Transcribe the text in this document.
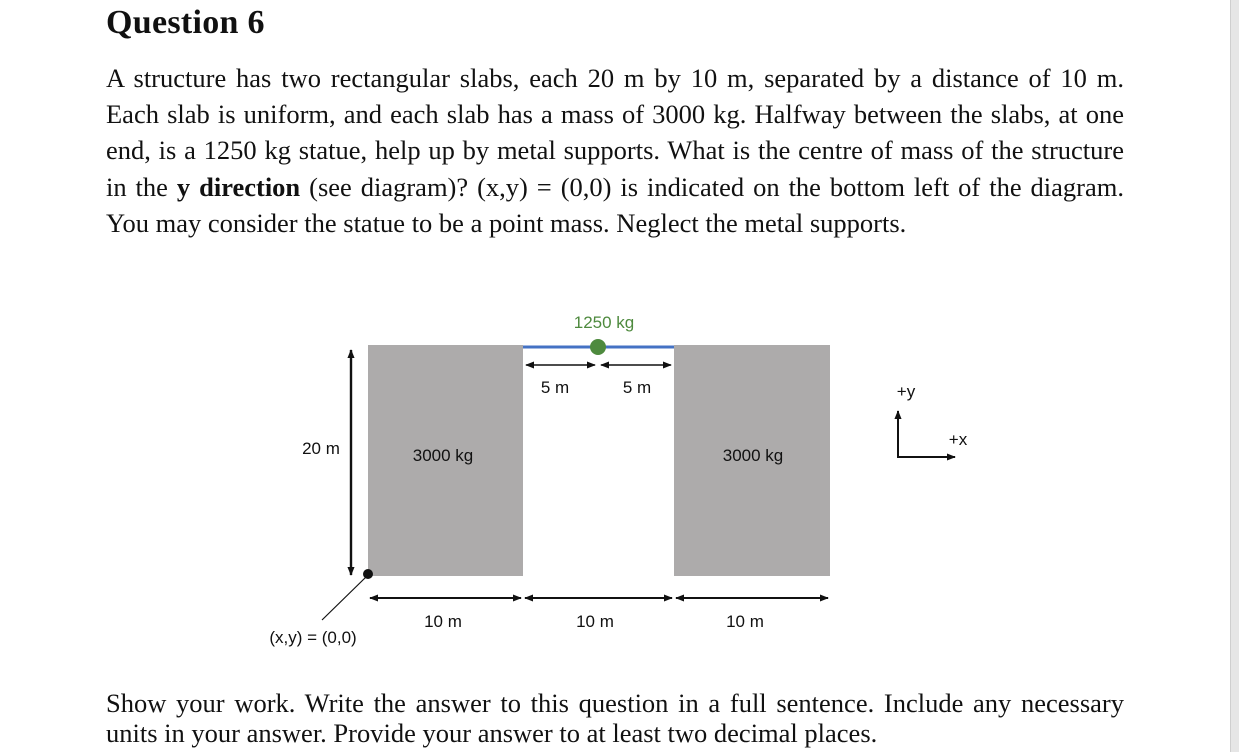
Question 6

A structure has two rectangular slabs, each 20 m by 10 m, separated by a distance of 10 m. Each slab is uniform, and each slab has a mass of 3000 kg. Halfway between the slabs, at one end, is a 1250 kg statue, help up by metal supports. What is the centre of mass of the structure in the y direction (see diagram)? (x,y) = (0,0) is indicated on the bottom left of the diagram. You may consider the statue to be a point mass. Neglect the metal supports.

1250 kg
5 m	5 m
3000 kg	3000 kg
20 m
(x,y) = (0,0)
10 m	10 m	10 m
+y
+x

Show your work. Write the answer to this question in a full sentence. Include any necessary units in your answer. Provide your answer to at least two decimal places.
